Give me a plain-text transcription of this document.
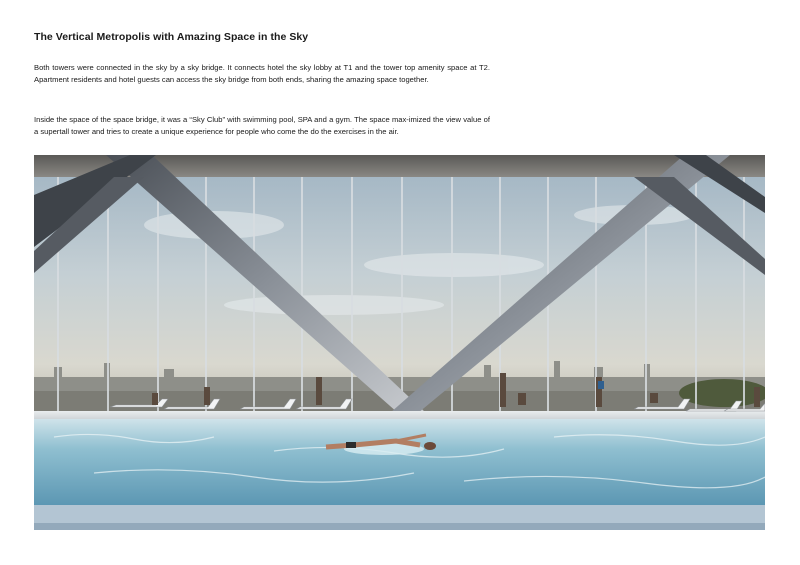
The Vertical Metropolis with Amazing Space in the Sky

Both towers were connected in the sky by a sky bridge. It connects hotel the sky lobby at T1 and the tower top amenity space at T2. Apartment residents and hotel guests can access the sky bridge from both ends, sharing the amazing space together.

Inside the space of the space bridge, it was a “Sky Club” with swimming pool, SPA and a gym. The space max-imized the view value of a supertall tower and tries to create a unique experience for people who come the do the exercises in the air.
